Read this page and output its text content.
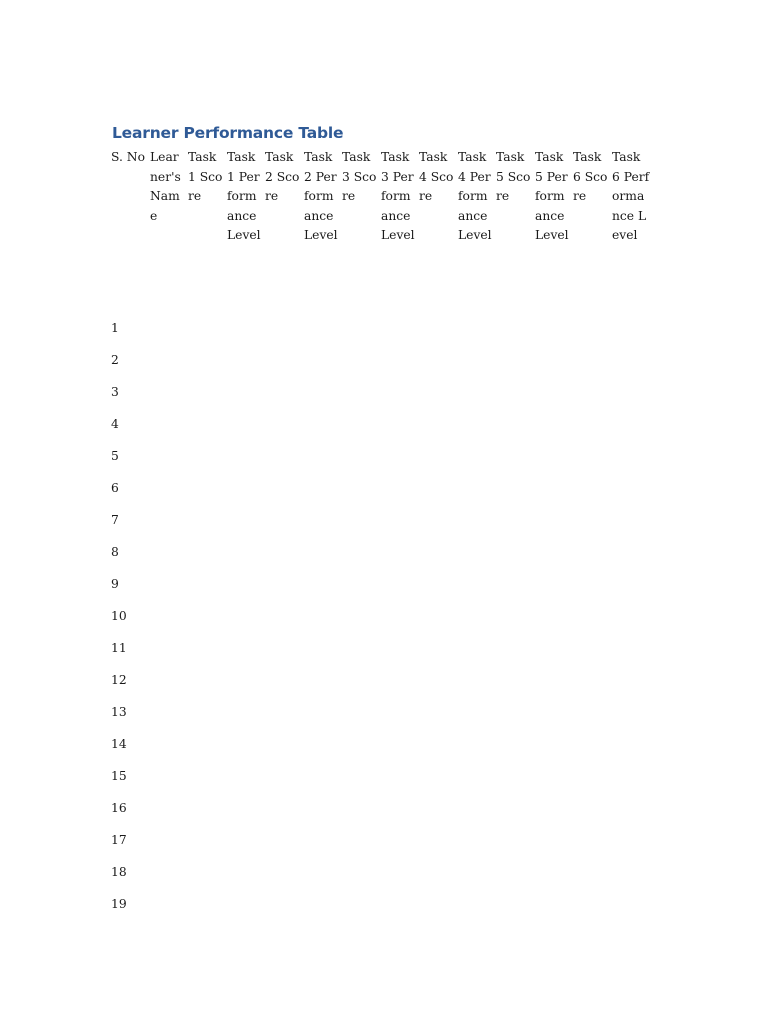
Learner Performance Table
S. No	Learner's Name	Task 1 Score	Task 1 Performance Level	Task 2 Score	Task 2 Performance Level	Task 3 Score	Task 3 Performance Level	Task 4 Score	Task 4 Performance Level	Task 5 Score	Task 5 Performance Level	Task 6 Score	Task 6 Performance Level
1													
2													
3													
4													
5													
6													
7													
8													
9													
10													
11													
12													
13													
14													
15													
16													
17													
18													
19													
